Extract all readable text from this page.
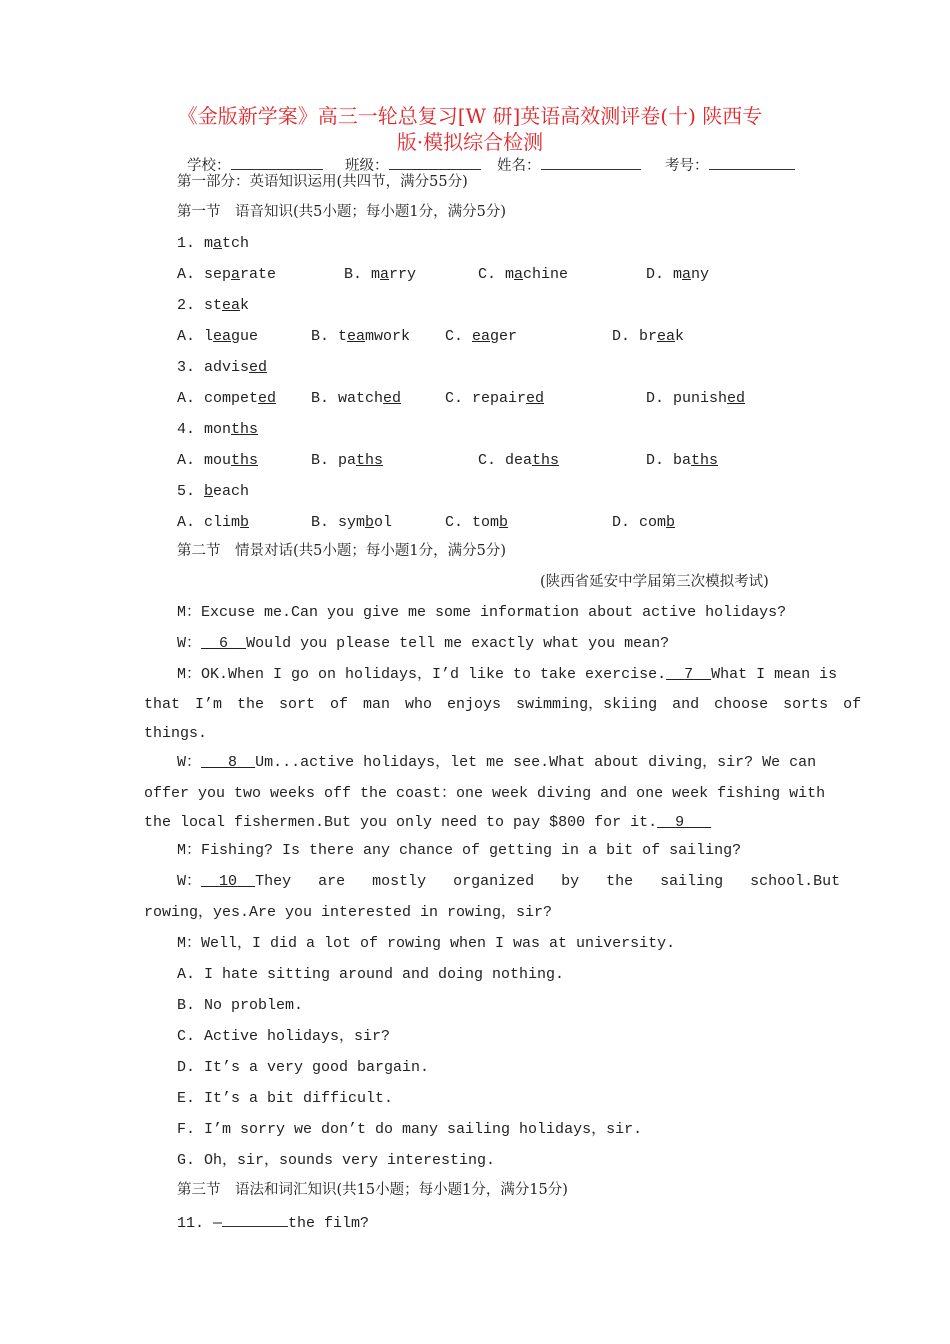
《金版新学案》高三一轮总复习[W 研]英语高效测评卷(十) 陕西专
版·模拟综合检测
学校：	班级：	姓名：	考号：
第一部分：英语知识运用(共四节，满分55分)
第一节　语音知识(共5小题；每小题1分，满分5分)
1. match
A. separate	B. marry	C. machine	D. many
2. steak
A. league	B. teamwork C. eager	D. break
3. advised
A. competed B. watched	C. repaired	D. punished
4. months
A. mouths	B. paths	C. deaths	D. baths
5. beach
A. climb	B. symbol	C. tomb	D. comb
第二节　情景对话(共5小题；每小题1分，满分5分)
(陕西省延安中学届第三次模拟考试)
M：Excuse me.Can you give me some information about active holidays?
W： 6 Would you please tell me exactly what you mean?
M：OK.When I go on holidays，I’d like to take exercise. 7 What I mean is
that I’m the sort of man who enjoys swimming，skiing and choose sorts of
things.
W： 8 Um...active holidays，let me see.What about diving，sir? We can
offer you two weeks off the coast：one week diving and one week fishing with
the local fishermen.But you only need to pay $800 for it. 9
M：Fishing? Is there any chance of getting in a bit of sailing?
W： 10 They are mostly organized by the sailing school.But
rowing，yes.Are you interested in rowing，sir?
M：Well，I did a lot of rowing when I was at university.
A. I hate sitting around and doing nothing.
B. No problem.
C. Active holidays，sir?
D. It’s a very good bargain.
E. It’s a bit difficult.
F. I’m sorry we don’t do many sailing holidays，sir.
G. Oh，sir，sounds very interesting.
第三节　语法和词汇知识(共15小题；每小题1分，满分15分)
11. —	the film?
